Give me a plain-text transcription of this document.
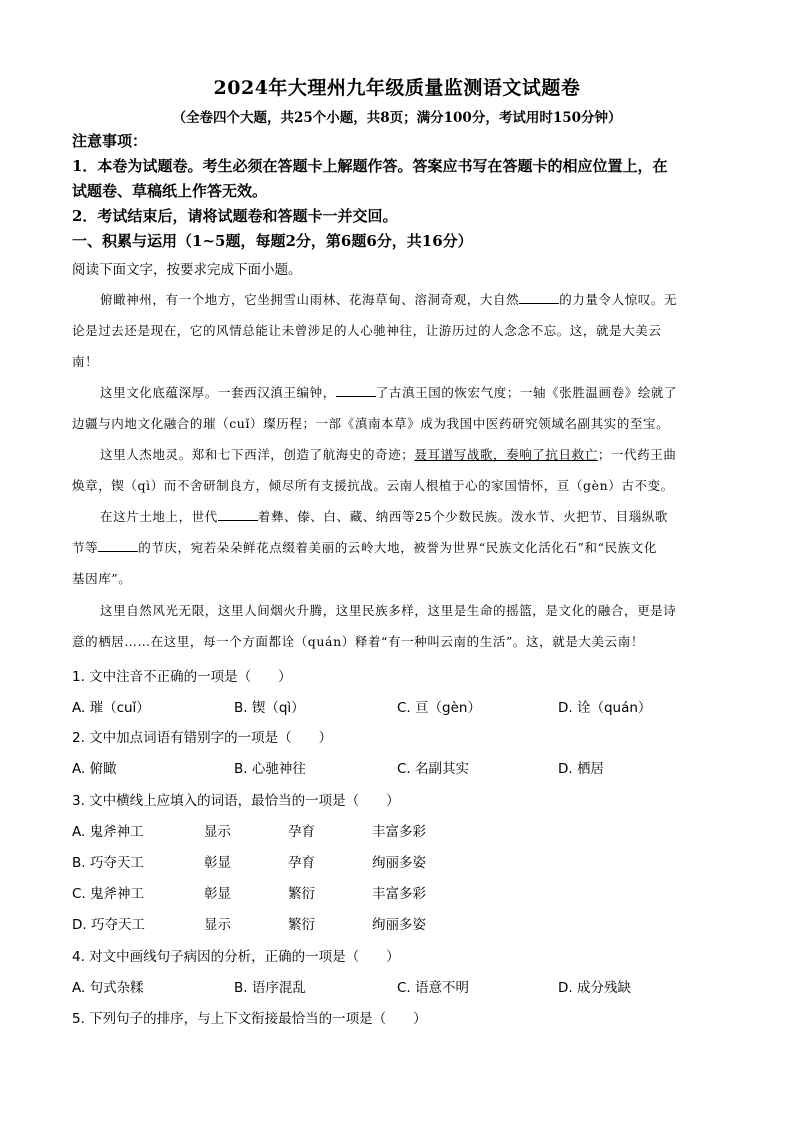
2024年大理州九年级质量监测语文试题卷
（全卷四个大题，共25个小题，共8页；满分100分，考试用时150分钟）
注意事项：
1．本卷为试题卷。考生必须在答题卡上解题作答。答案应书写在答题卡的相应位置上，在
试题卷、草稿纸上作答无效。
2．考试结束后，请将试题卷和答题卡一并交回。
一、积累与运用（1~5题，每题2分，第6题6分，共16分）
阅读下面文字，按要求完成下面小题。
俯瞰神州，有一个地方，它坐拥雪山雨林、花海草甸、溶洞奇观，大自然	的力量令人惊叹。无
论是过去还是现在，它的风情总能让未曾涉足的人心驰神往，让游历过的人念念不忘。这，就是大美云
南！
这里文化底蕴深厚。一套西汉滇王编钟，	了古滇王国的恢宏气度；一轴《张胜温画卷》绘就了
边疆与内地文化融合的璀（cuǐ）璨历程；一部《滇南本草》成为我国中医药研究领域名副其实的至宝。
这里人杰地灵。郑和七下西洋，创造了航海史的奇迹；聂耳谱写战歌，奏响了抗日救亡；一代药王曲
焕章，锲（qì）而不舍研制良方，倾尽所有支援抗战。云南人根植于心的家国情怀，亘（gèn）古不变。
在这片土地上，世代	着彝、傣、白、藏、纳西等25个少数民族。泼水节、火把节、目瑙纵歌
节等	的节庆，宛若朵朵鲜花点缀着美丽的云岭大地，被誉为世界“民族文化活化石”和“民族文化
基因库”。
这里自然风光无限，这里人间烟火升腾，这里民族多样，这里是生命的摇篮，是文化的融合，更是诗
意的栖居……在这里，每一个方面都诠（quán）释着“有一种叫云南的生活”。这，就是大美云南！
1. 文中注音不正确的一项是（　　）
A. 璀（cuǐ）	B. 锲（qì）	C. 亘（gèn）	D. 诠（quán）
2. 文中加点词语有错别字的一项是（　　）
A. 俯瞰	B. 心驰神往	C. 名副其实	D. 栖居
3. 文中横线上应填入的词语，最恰当的一项是（　　）
A. 鬼斧神工	显示	孕育	丰富多彩
B. 巧夺天工	彰显	孕育	绚丽多姿
C. 鬼斧神工	彰显	繁衍	丰富多彩
D. 巧夺天工	显示	繁衍	绚丽多姿
4. 对文中画线句子病因的分析，正确的一项是（　　）
A. 句式杂糅	B. 语序混乱	C. 语意不明	D. 成分残缺
5. 下列句子的排序，与上下文衔接最恰当的一项是（　　）
